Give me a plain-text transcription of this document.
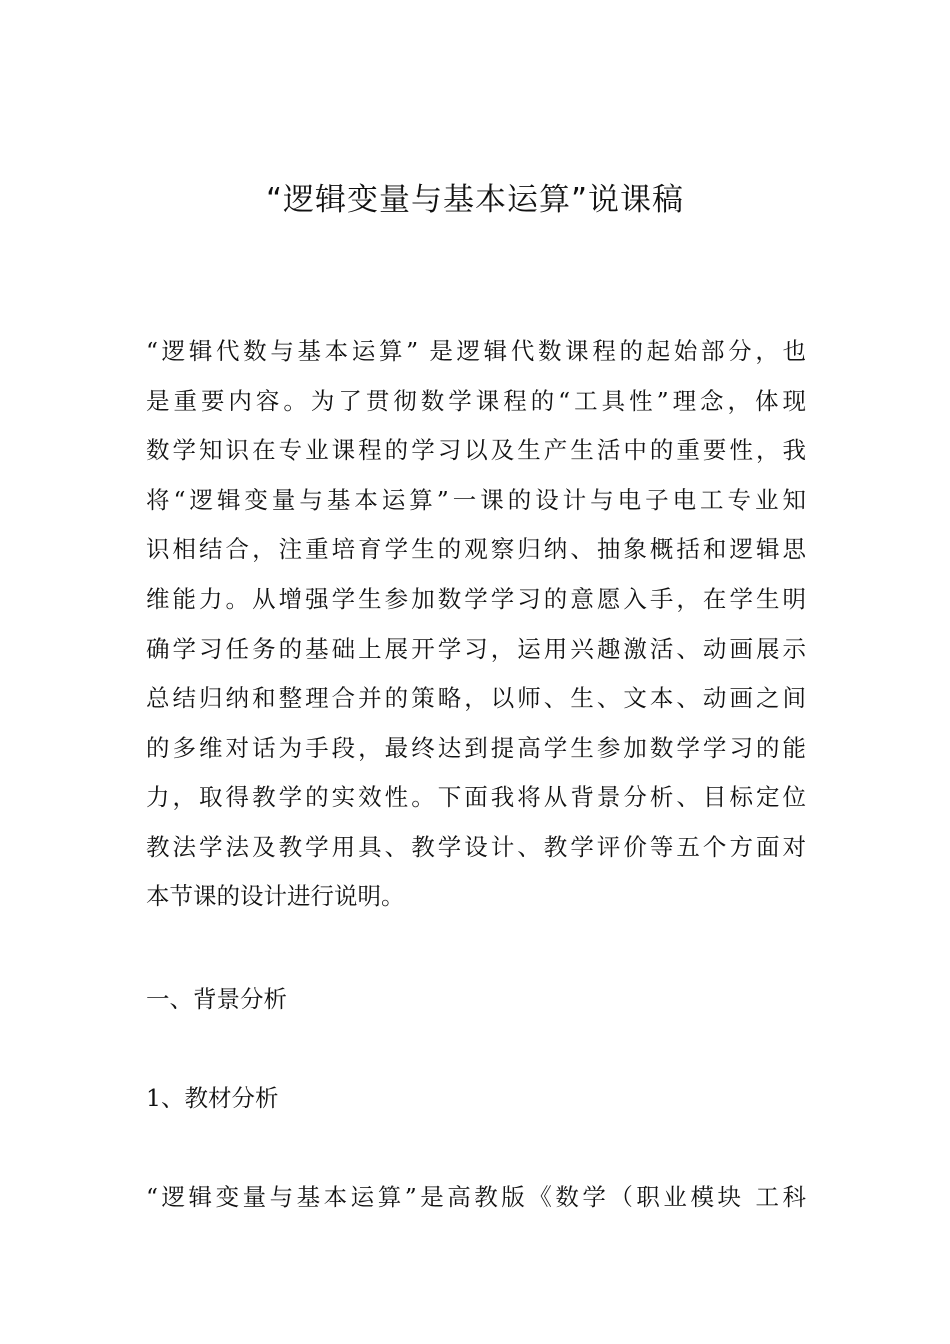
“逻辑变量与基本运算”说课稿

“逻辑代数与基本运算” 是逻辑代数课程的起始部分，也

是重要内容。为了贯彻数学课程的“工具性”理念，体现

数学知识在专业课程的学习以及生产生活中的重要性，我

将“逻辑变量与基本运算”一课的设计与电子电工专业知

识相结合，注重培育学生的观察归纳、抽象概括和逻辑思

维能力。从增强学生参加数学学习的意愿入手，在学生明

确学习任务的基础上展开学习，运用兴趣激活、动画展示

总结归纳和整理合并的策略，以师、生、文本、动画之间

的多维对话为手段，最终达到提高学生参加数学学习的能

力，取得教学的实效性。下面我将从背景分析、目标定位

教法学法及教学用具、教学设计、教学评价等五个方面对

本节课的设计进行说明。

一、背景分析
1、教材分析

“逻辑变量与基本运算”是高教版《数学（职业模块 工科
